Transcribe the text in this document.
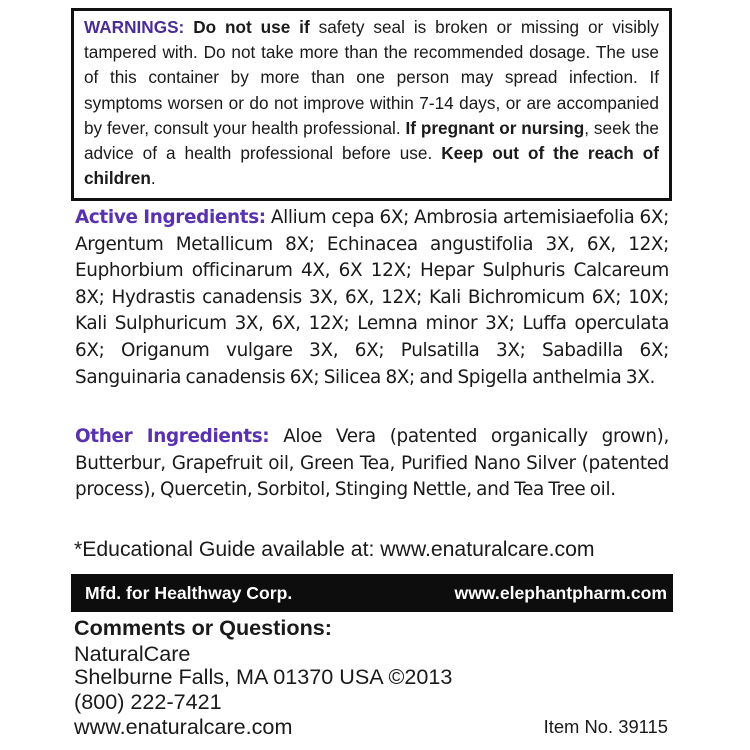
WARNINGS: Do not use if safety seal is broken or missing or visibly tampered with. Do not take more than the recommended dosage. The use of this container by more than one person may spread infection. If symptoms worsen or do not improve within 7-14 days, or are accompanied by fever, consult your health professional. If pregnant or nursing, seek the advice of a health professional before use. Keep out of the reach of children.
Active Ingredients: Allium cepa 6X; Ambrosia artemisiaefolia 6X; Argentum Metallicum 8X; Echinacea angustifolia 3X, 6X, 12X; Euphorbium officinarum 4X, 6X 12X; Hepar Sulphuris Calcareum 8X; Hydrastis canadensis 3X, 6X, 12X; Kali Bichromicum 6X; 10X; Kali Sulphuricum 3X, 6X, 12X; Lemna minor 3X; Luffa operculata 6X; Origanum vulgare 3X, 6X; Pulsatilla 3X; Sabadilla 6X; Sanguinaria canadensis 6X; Silicea 8X; and Spigella anthelmia 3X.
Other Ingredients: Aloe Vera (patented organically grown), Butterbur, Grapefruit oil, Green Tea, Purified Nano Silver (patented process), Quercetin, Sorbitol, Stinging Nettle, and Tea Tree oil.
*Educational Guide available at: www.enaturalcare.com
Mfd. for Healthway Corp.	www.elephantpharm.com
Comments or Questions:
NaturalCare
Shelburne Falls, MA 01370 USA ©2013
(800) 222-7421
www.enaturalcare.com	Item No. 39115
